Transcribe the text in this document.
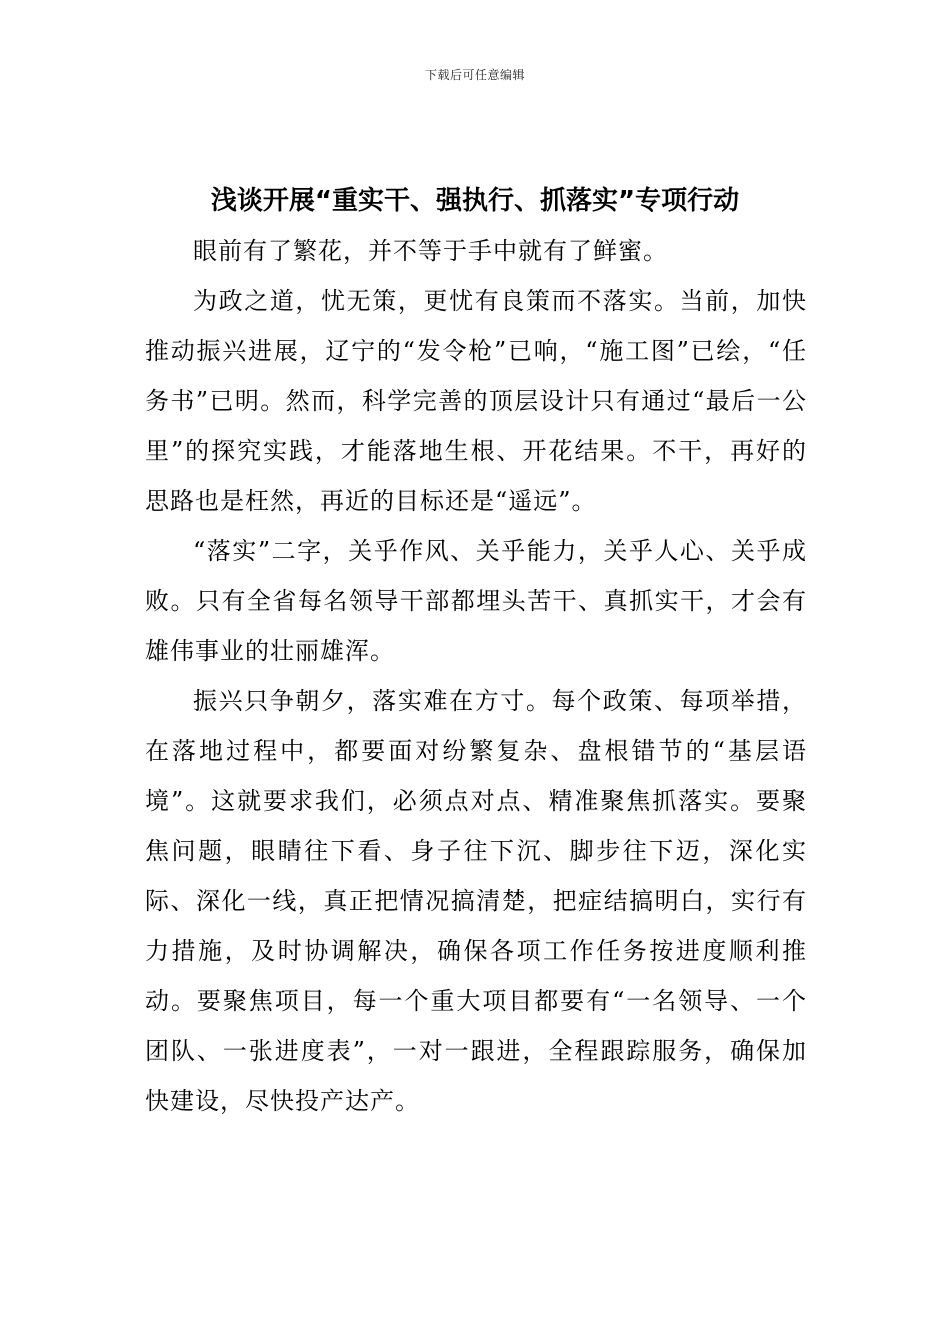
下载后可任意编辑
浅谈开展“重实干、强执行、抓落实”专项行动

眼前有了繁花，并不等于手中就有了鲜蜜。

为政之道，忧无策，更忧有良策而不落实。当前，加快推动振兴进展，辽宁的“发令枪”已响，“施工图”已绘，“任务书”已明。然而，科学完善的顶层设计只有通过“最后一公里”的探究实践，才能落地生根、开花结果。不干，再好的思路也是枉然，再近的目标还是“遥远”。

“落实”二字，关乎作风、关乎能力，关乎人心、关乎成败。只有全省每名领导干部都埋头苦干、真抓实干，才会有雄伟事业的壮丽雄浑。

振兴只争朝夕，落实难在方寸。每个政策、每项举措，在落地过程中，都要面对纷繁复杂、盘根错节的“基层语境”。这就要求我们，必须点对点、精准聚焦抓落实。要聚焦问题，眼睛往下看、身子往下沉、脚步往下迈，深化实际、深化一线，真正把情况搞清楚，把症结搞明白，实行有力措施，及时协调解决，确保各项工作任务按进度顺利推动。要聚焦项目，每一个重大项目都要有“一名领导、一个团队、一张进度表”，一对一跟进，全程跟踪服务，确保加快建设，尽快投产达产。
